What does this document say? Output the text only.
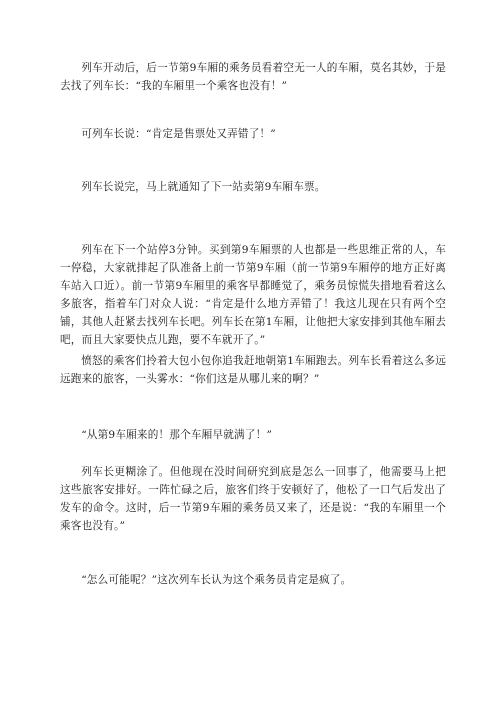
列车开动后，后一节第9车厢的乘务员看着空无一人的车厢，莫名其妙，于是去找了列车长：“我的车厢里一个乘客也没有！”

可列车长说：“肯定是售票处又弄错了！”

列车长说完，马上就通知了下一站卖第9车厢车票。

列车在下一个站停3分钟。买到第9车厢票的人也都是一些思维正常的人，车一停稳，大家就排起了队准备上前一节第9车厢（前一节第9车厢停的地方正好离车站入口近）。前一节第9车厢里的乘客早都睡觉了，乘务员惊慌失措地看着这么多旅客，指着车门对众人说：“肯定是什么地方弄错了！我这儿现在只有两个空铺，其他人赶紧去找列车长吧。列车长在第1车厢，让他把大家安排到其他车厢去吧，而且大家要快点儿跑，要不车就开了。”

愤怒的乘客们拎着大包小包你追我赶地朝第1车厢跑去。列车长看着这么多远远跑来的旅客，一头雾水：“你们这是从哪儿来的啊？”

“从第9车厢来的！那个车厢早就满了！”

列车长更糊涂了。但他现在没时间研究到底是怎么一回事了，他需要马上把这些旅客安排好。一阵忙碌之后，旅客们终于安顿好了，他松了一口气后发出了发车的命令。这时，后一节第9车厢的乘务员又来了，还是说：“我的车厢里一个乘客也没有。”

“怎么可能呢？”这次列车长认为这个乘务员肯定是疯了。
